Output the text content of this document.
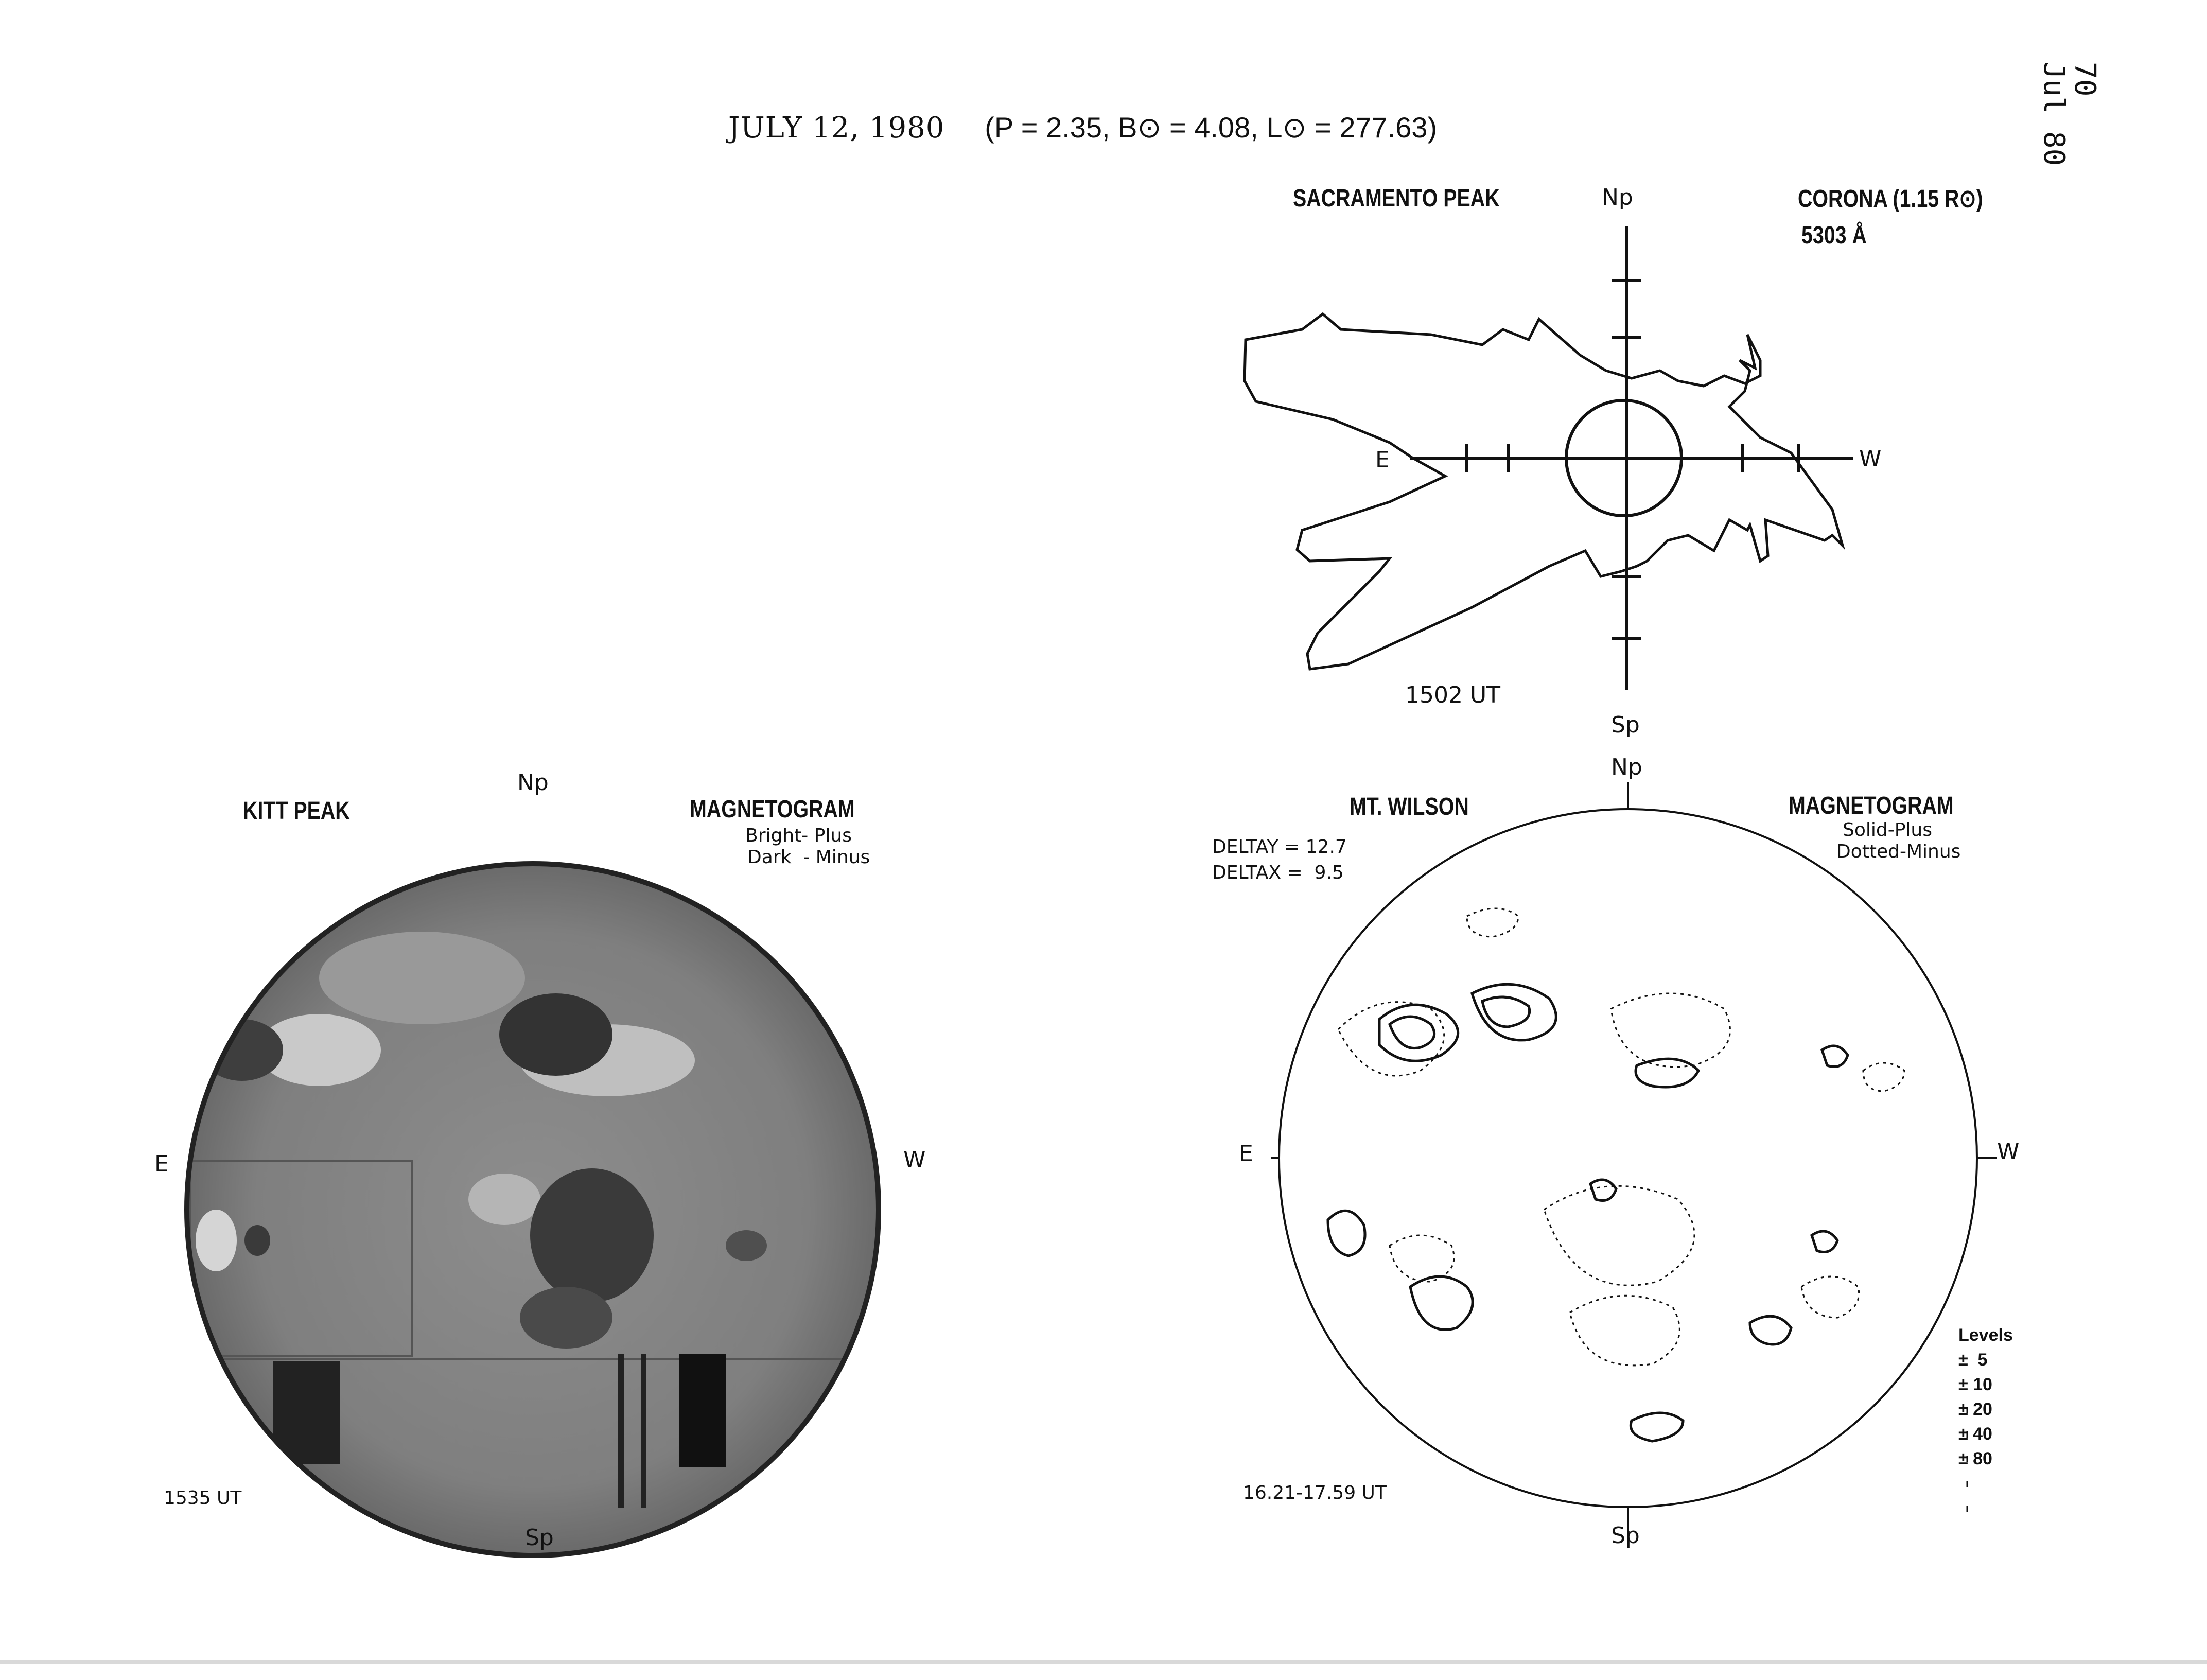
JULY 12, 1980 (P = 2.35, B⊙ = 4.08, L⊙ = 277.63)
70
Jul 80
SACRAMENTO PEAK	Np	CORONA (1.15 R⊙)
5303 Å
E	W
1502 UT
Sp
KITT PEAK
Np
MAGNETOGRAM
Bright- Plus
Dark  - Minus
E	W
1535 UT
Sp
Np
MT. WILSON	MAGNETOGRAM
Solid-Plus
Dotted-Minus
DELTAY = 12.7
DELTAX =  9.5
E	W
16.21-17.59 UT
Sp
Levels
±  5
± 10
± 20
± 40
± 80
